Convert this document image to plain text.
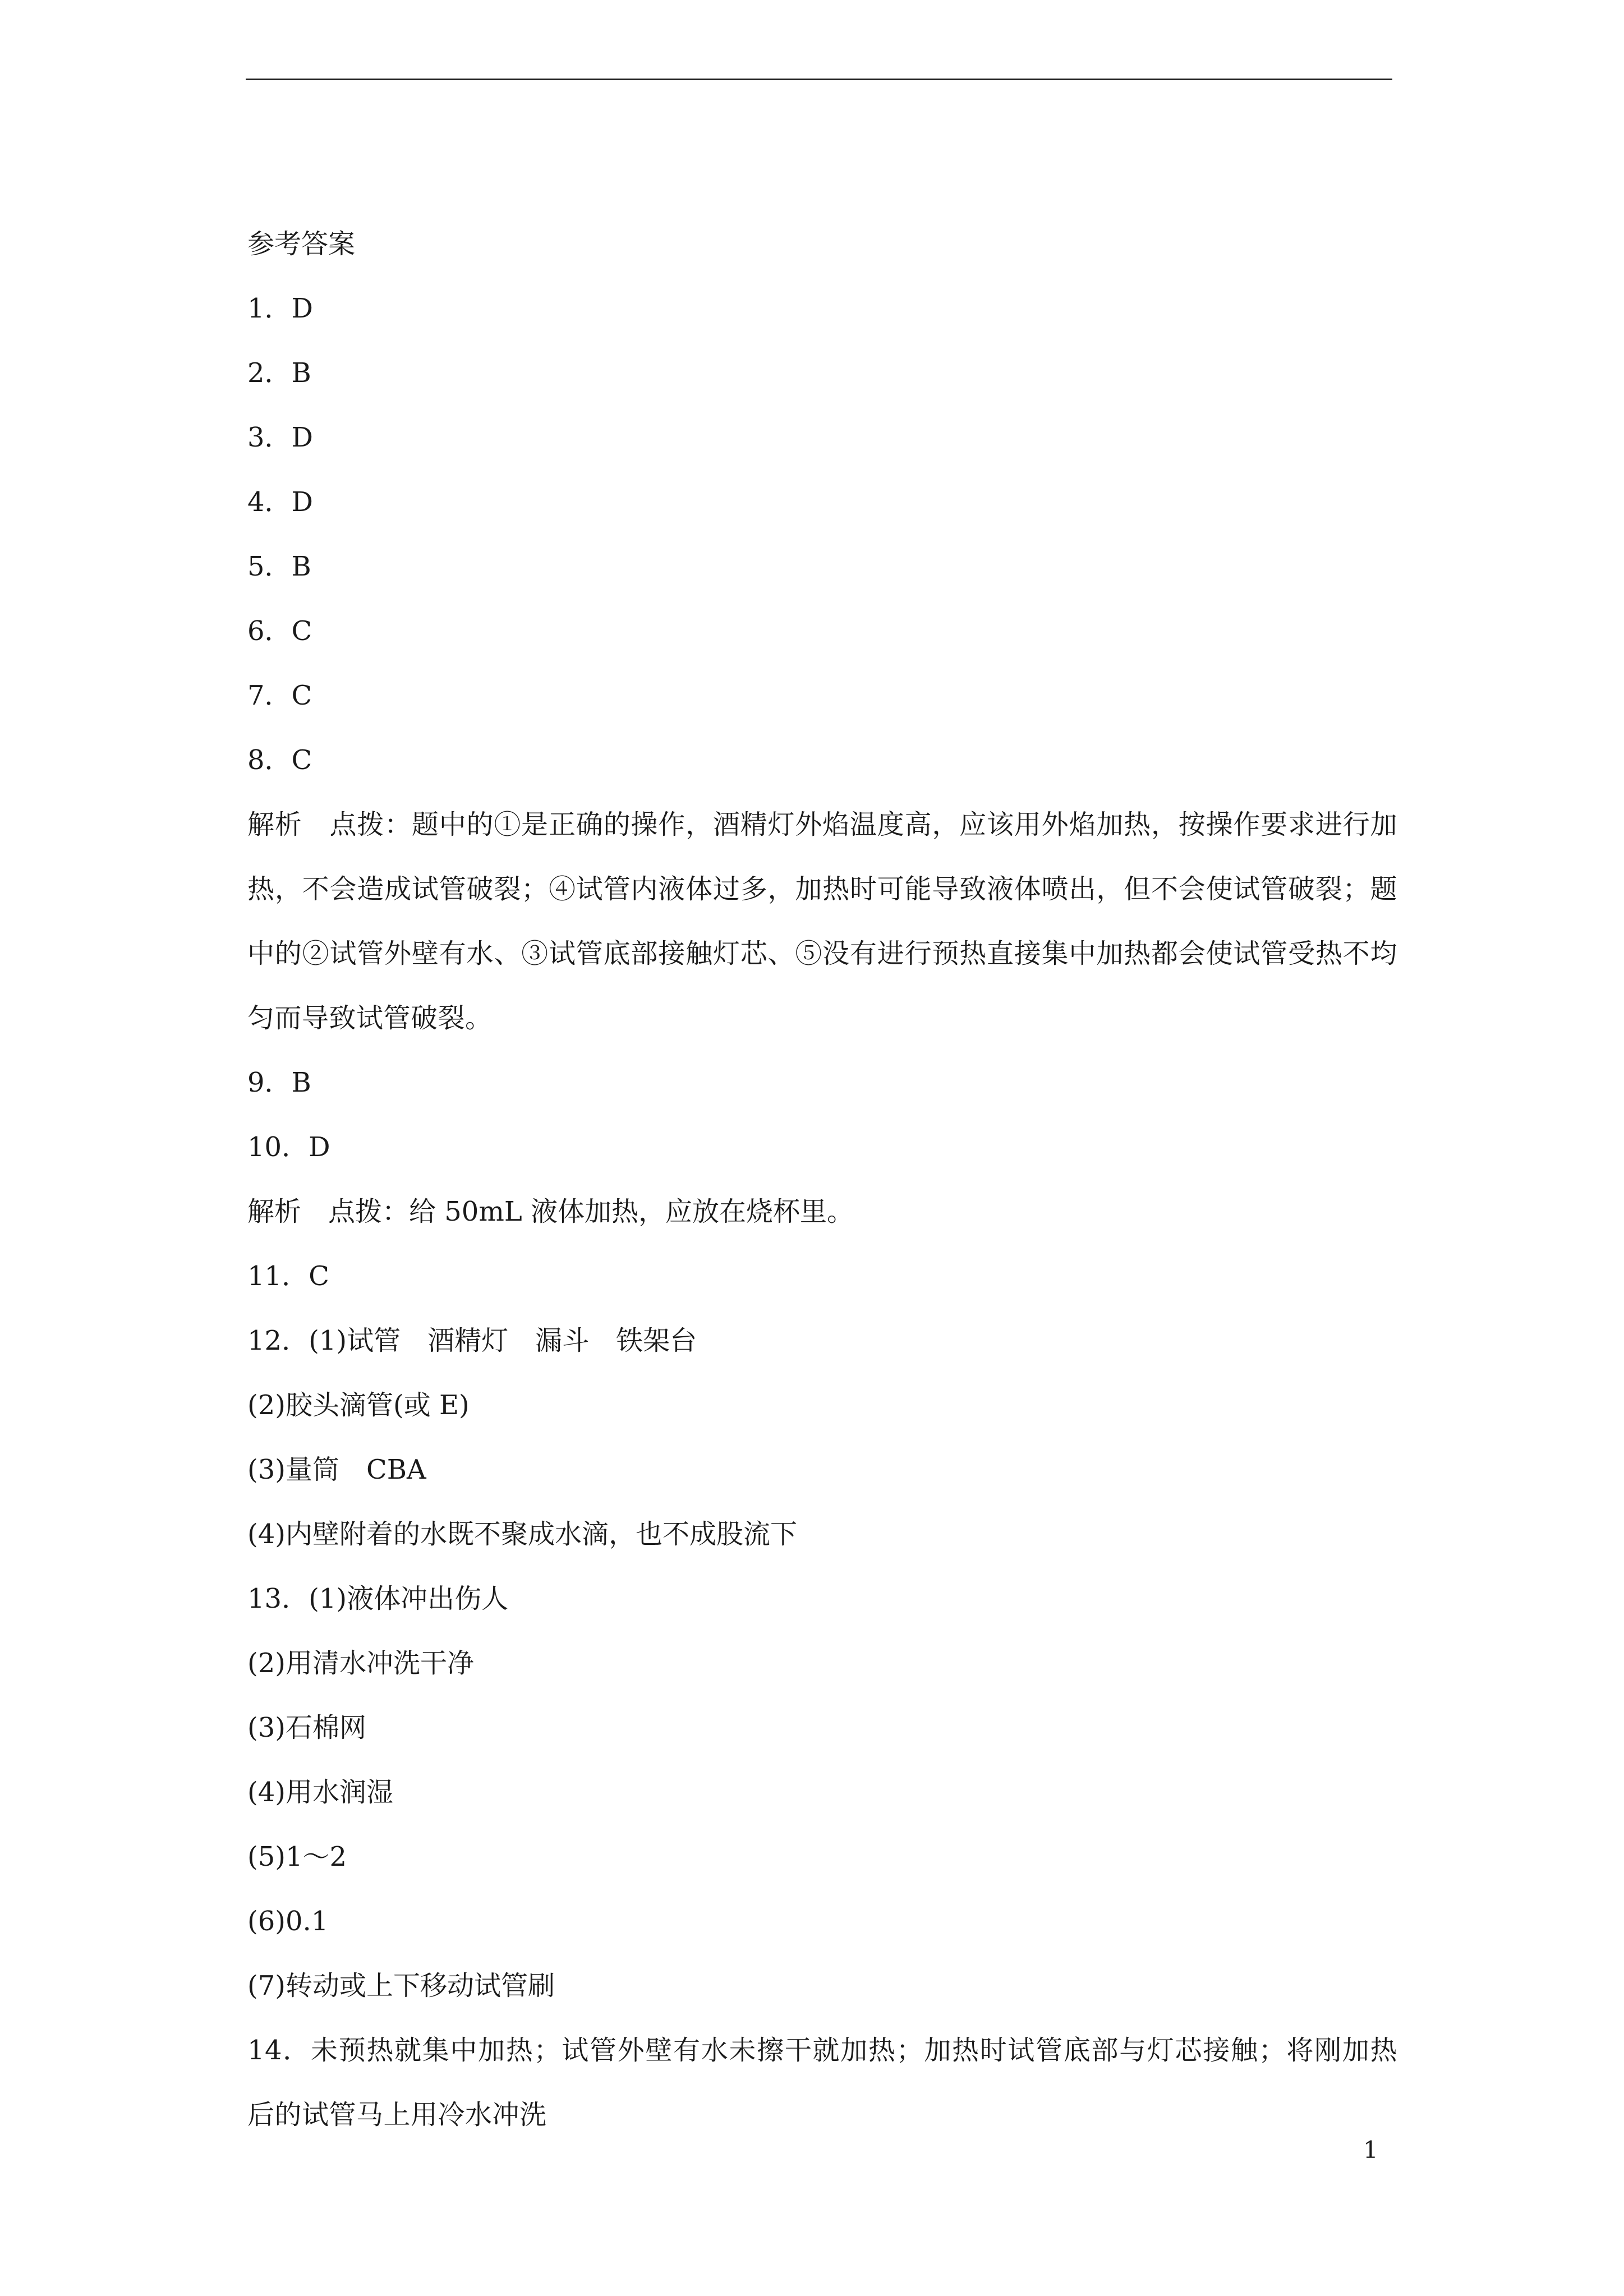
参考答案
1．D
2．B
3．D
4．D
5．B
6．C
7．C
8．C
解析　点拨：题中的①是正确的操作，酒精灯外焰温度高，应该用外焰加热，按操作要求进行加热，不会造成试管破裂；④试管内液体过多，加热时可能导致液体喷出，但不会使试管破裂；题中的②试管外壁有水、③试管底部接触灯芯、⑤没有进行预热直接集中加热都会使试管受热不均匀而导致试管破裂。
9．B
10．D
解析　点拨：给 50mL 液体加热，应放在烧杯里。
11．C
12．(1)试管　酒精灯　漏斗　铁架台
(2)胶头滴管(或 E)
(3)量筒　CBA
(4)内壁附着的水既不聚成水滴，也不成股流下
13．(1)液体冲出伤人
(2)用清水冲洗干净
(3)石棉网
(4)用水润湿
(5)1～2
(6)0.1
(7)转动或上下移动试管刷
14．未预热就集中加热；试管外壁有水未擦干就加热；加热时试管底部与灯芯接触；将刚加热后的试管马上用冷水冲洗
1
